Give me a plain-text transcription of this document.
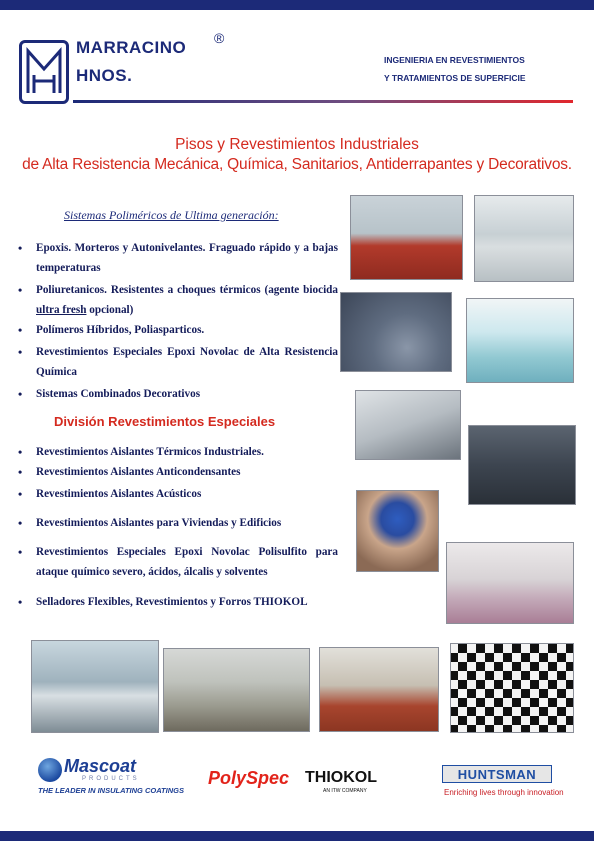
MARRACINO
HNOS.
®
INGENIERIA EN REVESTIMIENTOS
Y TRATAMIENTOS DE SUPERFICIE
Pisos y Revestimientos Industriales
de Alta Resistencia Mecánica, Química, Sanitarios, Antiderrapantes y Decorativos.
Sistemas Poliméricos de Ultima generación:
• Epoxis. Morteros y Autonivelantes. Fraguado rápido y a bajas temperaturas
• Poliuretanicos. Resistentes a choques térmicos (agente biocida ultra fresh opcional)
• Polímeros Híbridos, Poliasparticos.
• Revestimientos Especiales Epoxi Novolac de Alta Resistencia Química
• Sistemas Combinados Decorativos
División Revestimientos Especiales
• Revestimientos Aislantes Térmicos Industriales.
• Revestimientos Aislantes Anticondensantes
• Revestimientos Aislantes Acústicos
• Revestimientos Aislantes para Viviendas y Edificios
• Revestimientos Especiales Epoxi Novolac Polisulfito para ataque químico severo, ácidos, álcalis y solventes
• Selladores Flexibles, Revestimientos y Forros THIOKOL
Mascoat
PRODUCTS
THE LEADER IN INSULATING COATINGS
PolySpec THIOKOL
AN ITW COMPANY
HUNTSMAN
Enriching lives through innovation
